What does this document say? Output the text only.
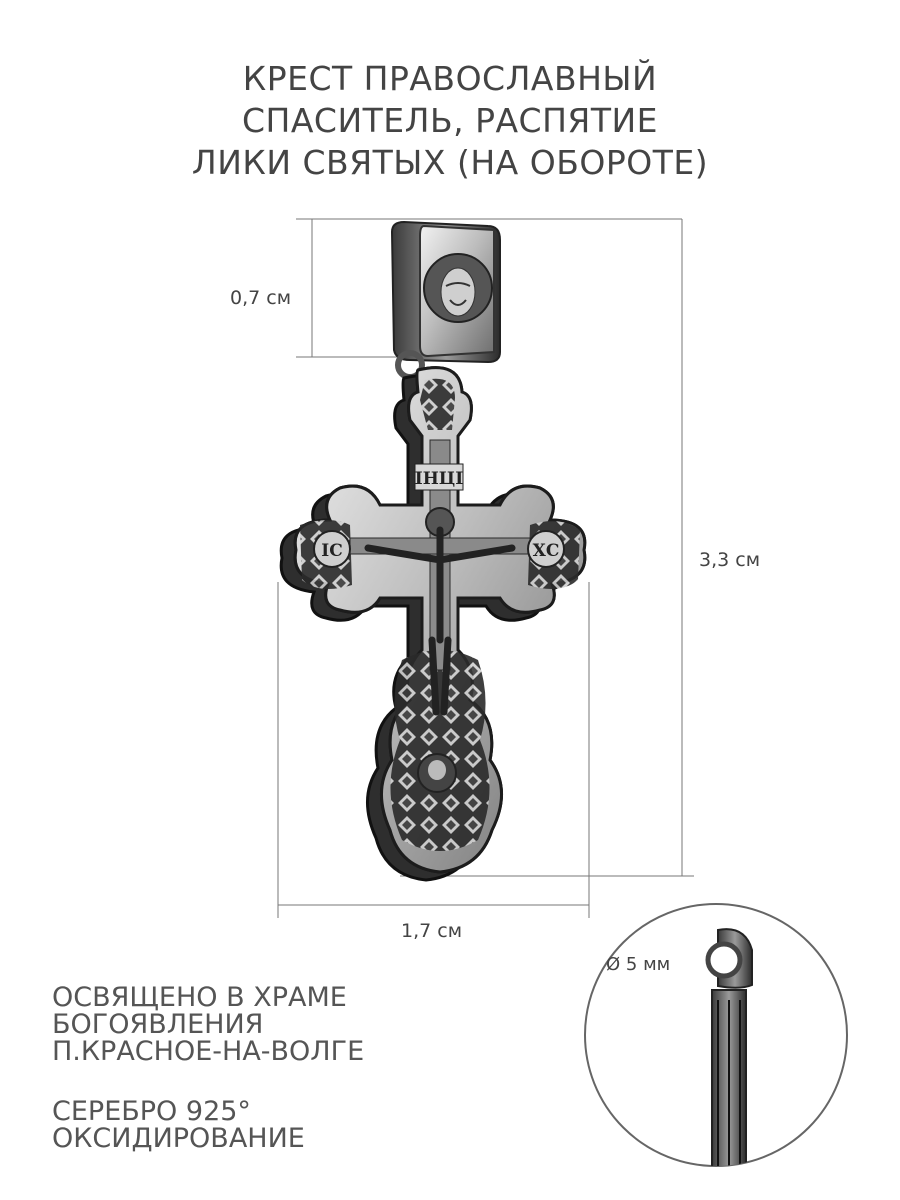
КРЕСТ ПРАВОСЛАВНЫЙ
СПАСИТЕЛЬ, РАСПЯТИЕ
ЛИКИ СВЯТЫХ (НА ОБОРОТЕ)
ІНЦІ
ІС	ХС
0,7 см
3,3 см
1,7 см
Ø 5 мм
ОСВЯЩЕНО В ХРАМЕ
БОГОЯВЛЕНИЯ
П.КРАСНОЕ-НА-ВОЛГЕ
СЕРЕБРО 925°
ОКСИДИРОВАНИЕ
